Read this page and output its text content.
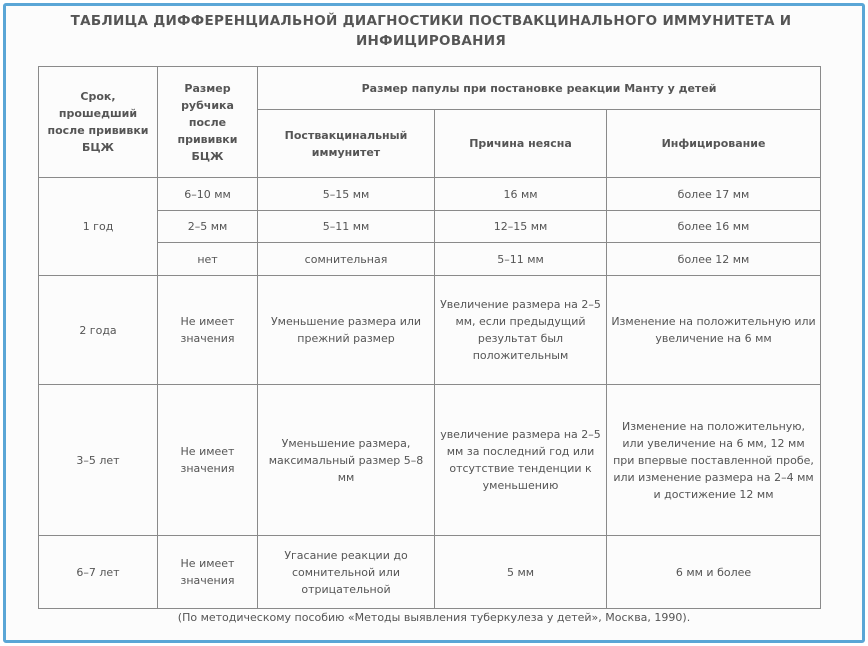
ТАБЛИЦА ДИФФЕРЕНЦИАЛЬНОЙ ДИАГНОСТИКИ ПОСТВАКЦИНАЛЬНОГО ИММУНИТЕТА И
ИНФИЦИРОВАНИЯ
Срок, прошедший после прививки БЦЖ	Размер рубчика после прививки БЦЖ	Размер папулы при постановке реакции Манту у детей		
		Поствакцинальный иммунитет	Причина неясна	Инфицирование
1 год	6–10 мм	5–15 мм	16 мм	более 17 мм
	2–5 мм	5–11 мм	12–15 мм	более 16 мм
	нет	сомнительная	5–11 мм	более 12 мм
2 года	Не имеет значения	Уменьшение размера или прежний размер	Увеличение размера на 2–5 мм, если предыдущий результат был положительным	Изменение на положительную или увеличение на 6 мм
3–5 лет	Не имеет значения	Уменьшение размера, максимальный размер 5–8 мм	увеличение размера на 2–5 мм за последний год или отсутствие тенденции к уменьшению	Изменение на положительную, или увеличение на 6 мм, 12 мм при впервые поставленной пробе, или изменение размера на 2–4 мм и достижение 12 мм
6–7 лет	Не имеет значения	Угасание реакции до сомнительной или отрицательной	5 мм	6 мм и более
(По методическому пособию «Методы выявления туберкулеза у детей», Москва, 1990).
